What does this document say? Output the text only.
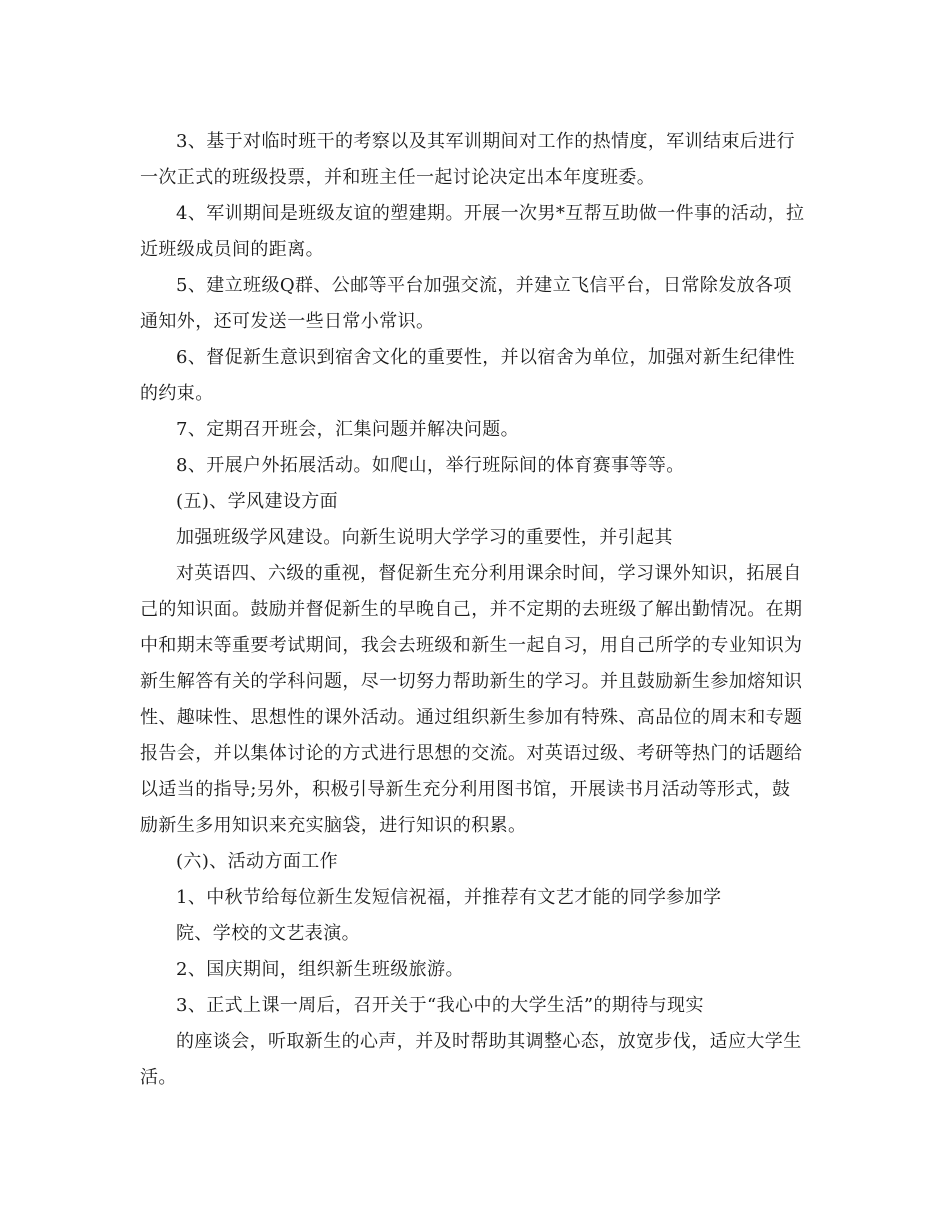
3、基于对临时班干的考察以及其军训期间对工作的热情度，军训结束后进行
一次正式的班级投票，并和班主任一起讨论决定出本年度班委。
4、军训期间是班级友谊的塑建期。开展一次男*互帮互助做一件事的活动，拉
近班级成员间的距离。
5、建立班级Q群、公邮等平台加强交流，并建立飞信平台，日常除发放各项
通知外，还可发送一些日常小常识。
6、督促新生意识到宿舍文化的重要性，并以宿舍为单位，加强对新生纪律性
的约束。
7、定期召开班会，汇集问题并解决问题。
8、开展户外拓展活动。如爬山，举行班际间的体育赛事等等。
(五)、学风建设方面
加强班级学风建设。向新生说明大学学习的重要性，并引起其
对英语四、六级的重视，督促新生充分利用课余时间，学习课外知识，拓展自
己的知识面。鼓励并督促新生的早晚自己，并不定期的去班级了解出勤情况。在期
中和期末等重要考试期间，我会去班级和新生一起自习，用自己所学的专业知识为
新生解答有关的学科问题，尽一切努力帮助新生的学习。并且鼓励新生参加熔知识
性、趣味性、思想性的课外活动。通过组织新生参加有特殊、高品位的周末和专题
报告会，并以集体讨论的方式进行思想的交流。对英语过级、考研等热门的话题给
以适当的指导;另外，积极引导新生充分利用图书馆，开展读书月活动等形式，鼓
励新生多用知识来充实脑袋，进行知识的积累。
(六)、活动方面工作
1、中秋节给每位新生发短信祝福，并推荐有文艺才能的同学参加学
院、学校的文艺表演。
2、国庆期间，组织新生班级旅游。
3、正式上课一周后，召开关于“我心中的大学生活”的期待与现实
的座谈会，听取新生的心声，并及时帮助其调整心态，放宽步伐，适应大学生
活。
